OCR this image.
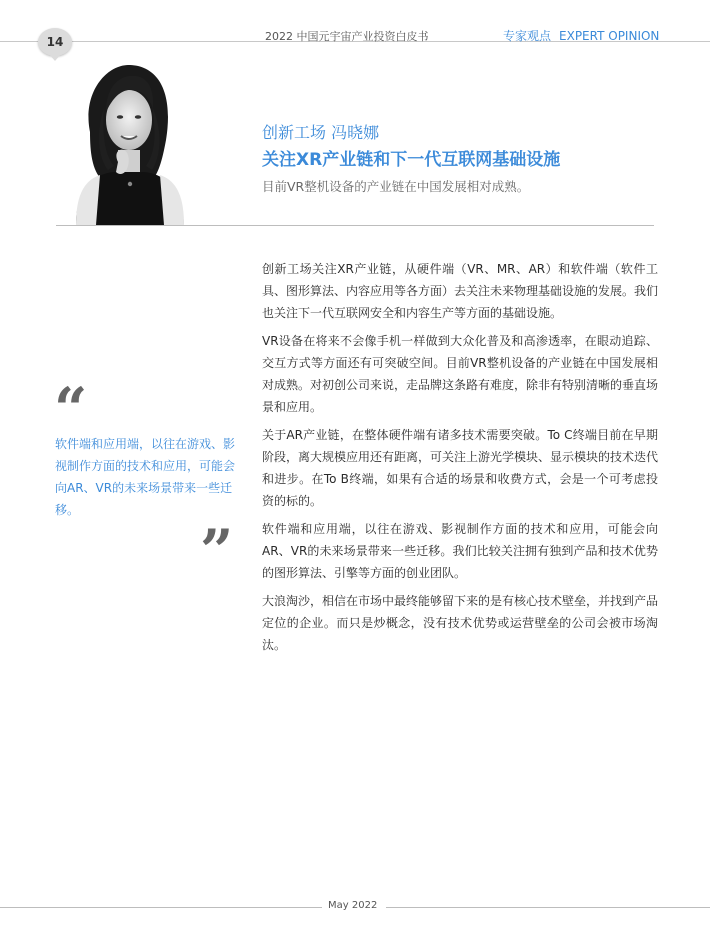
14	2022 中国元宇宙产业投资白皮书	专家观点 EXPERT OPINION
创新工场 冯晓娜
关注XR产业链和下一代互联网基础设施
目前VR整机设备的产业链在中国发展相对成熟。
“
软件端和应用端，以往在游戏、影视制作方面的技术和应用，可能会向AR、VR的未来场景带来一些迁移。
”

创新工场关注XR产业链，从硬件端（VR、MR、AR）和软件端（软件工具、图形算法、内容应用等各方面）去关注未来物理基础设施的发展。我们也关注下一代互联网安全和内容生产等方面的基础设施。

VR设备在将来不会像手机一样做到大众化普及和高渗透率，在眼动追踪、交互方式等方面还有可突破空间。目前VR整机设备的产业链在中国发展相对成熟。对初创公司来说，走品牌这条路有难度，除非有特别清晰的垂直场景和应用。

关于AR产业链，在整体硬件端有诸多技术需要突破。To C终端目前在早期阶段，离大规模应用还有距离，可关注上游光学模块、显示模块的技术迭代和进步。在To B终端，如果有合适的场景和收费方式，会是一个可考虑投资的标的。

软件端和应用端，以往在游戏、影视制作方面的技术和应用，可能会向AR、VR的未来场景带来一些迁移。我们比较关注拥有独到产品和技术优势的图形算法、引擎等方面的创业团队。

大浪淘沙，相信在市场中最终能够留下来的是有核心技术壁垒，并找到产品定位的企业。而只是炒概念，没有技术优势或运营壁垒的公司会被市场淘汰。

May 2022
